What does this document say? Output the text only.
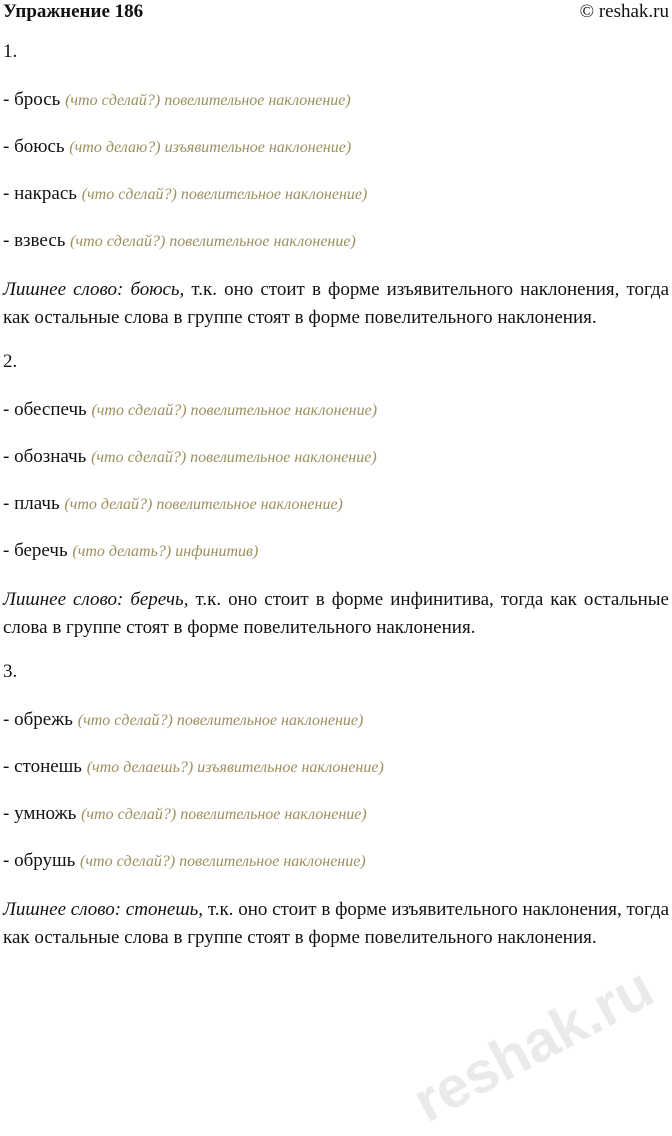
Упражнение 186	© reshak.ru
1.
- брось (что сделай?) повелительное наклонение)
- боюсь (что делаю?) изъявительное наклонение)
- накрась (что сделай?) повелительное наклонение)
- взвесь (что сделай?) повелительное наклонение)
Лишнее слово: боюсь, т.к. оно стоит в форме изъявительного наклонения, тогда как остальные слова в группе стоят в форме повелительного наклонения.
2.
- обеспечь (что сделай?) повелительное наклонение)
- обозначь (что сделай?) повелительное наклонение)
- плачь (что делай?) повелительное наклонение)
- беречь (что делать?) инфинитив)
Лишнее слово: беречь, т.к. оно стоит в форме инфинитива, тогда как остальные слова в группе стоят в форме повелительного наклонения.
3.
- обрежь (что сделай?) повелительное наклонение)
- стонешь (что делаешь?) изъявительное наклонение)
- умножь (что сделай?) повелительное наклонение)
- обрушь (что сделай?) повелительное наклонение)
Лишнее слово: стонешь, т.к. оно стоит в форме изъявительного наклонения, тогда как остальные слова в группе стоят в форме повелительного наклонения.
reshak.ru
